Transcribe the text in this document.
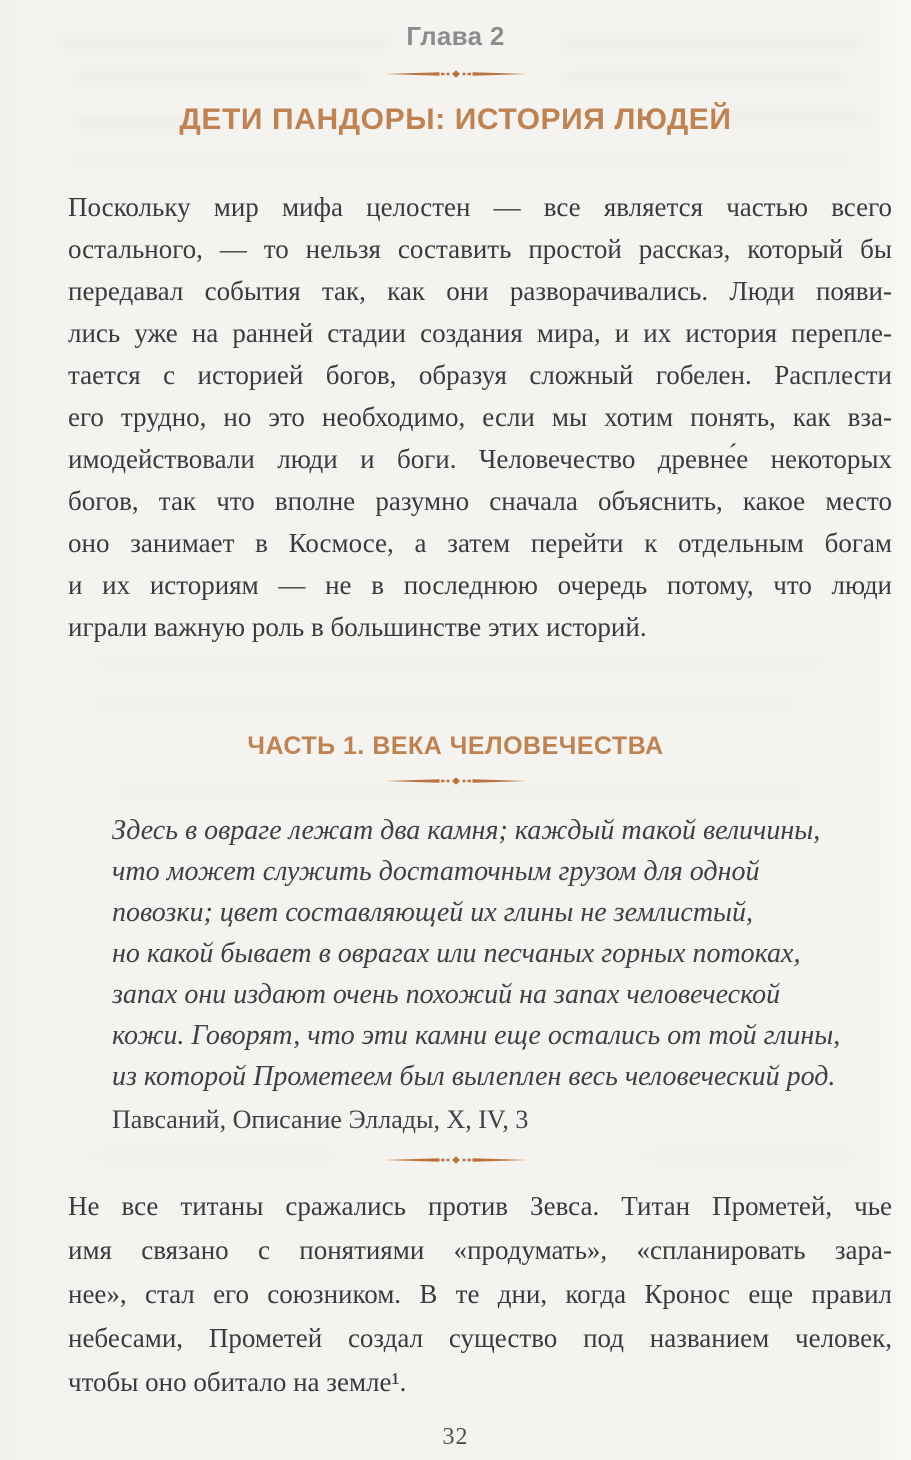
Глава 2
ДЕТИ ПАНДОРЫ: ИСТОРИЯ ЛЮДЕЙ
Поскольку мир мифа целостен — все является частью всего
остального, — то нельзя составить простой рассказ, который бы
передавал события так, как они разворачивались. Люди появи-
лись уже на ранней стадии создания мира, и их история перепле-
тается с историей богов, образуя сложный гобелен. Расплести
его трудно, но это необходимо, если мы хотим понять, как вза-
имодействовали люди и боги. Человечество древне́е некоторых
богов, так что вполне разумно сначала объяснить, какое место
оно занимает в Космосе, а затем перейти к отдельным богам
и их историям — не в последнюю очередь потому, что люди
играли важную роль в большинстве этих историй.
ЧАСТЬ 1. ВЕКА ЧЕЛОВЕЧЕСТВА
Здесь в овраге лежат два камня; каждый такой величины,
что может служить достаточным грузом для одной
повозки; цвет составляющей их глины не землистый,
но какой бывает в оврагах или песчаных горных потоках,
запах они издают очень похожий на запах человеческой
кожи. Говорят, что эти камни еще остались от той глины,
из которой Прометеем был вылеплен весь человеческий род.
Павсаний, Описание Эллады, X, IV, 3
Не все титаны сражались против Зевса. Титан Прометей, чье
имя связано с понятиями «продумать», «спланировать зара-
нее», стал его союзником. В те дни, когда Кронос еще правил
небесами, Прометей создал существо под названием человек,
чтобы оно обитало на земле¹.
32
